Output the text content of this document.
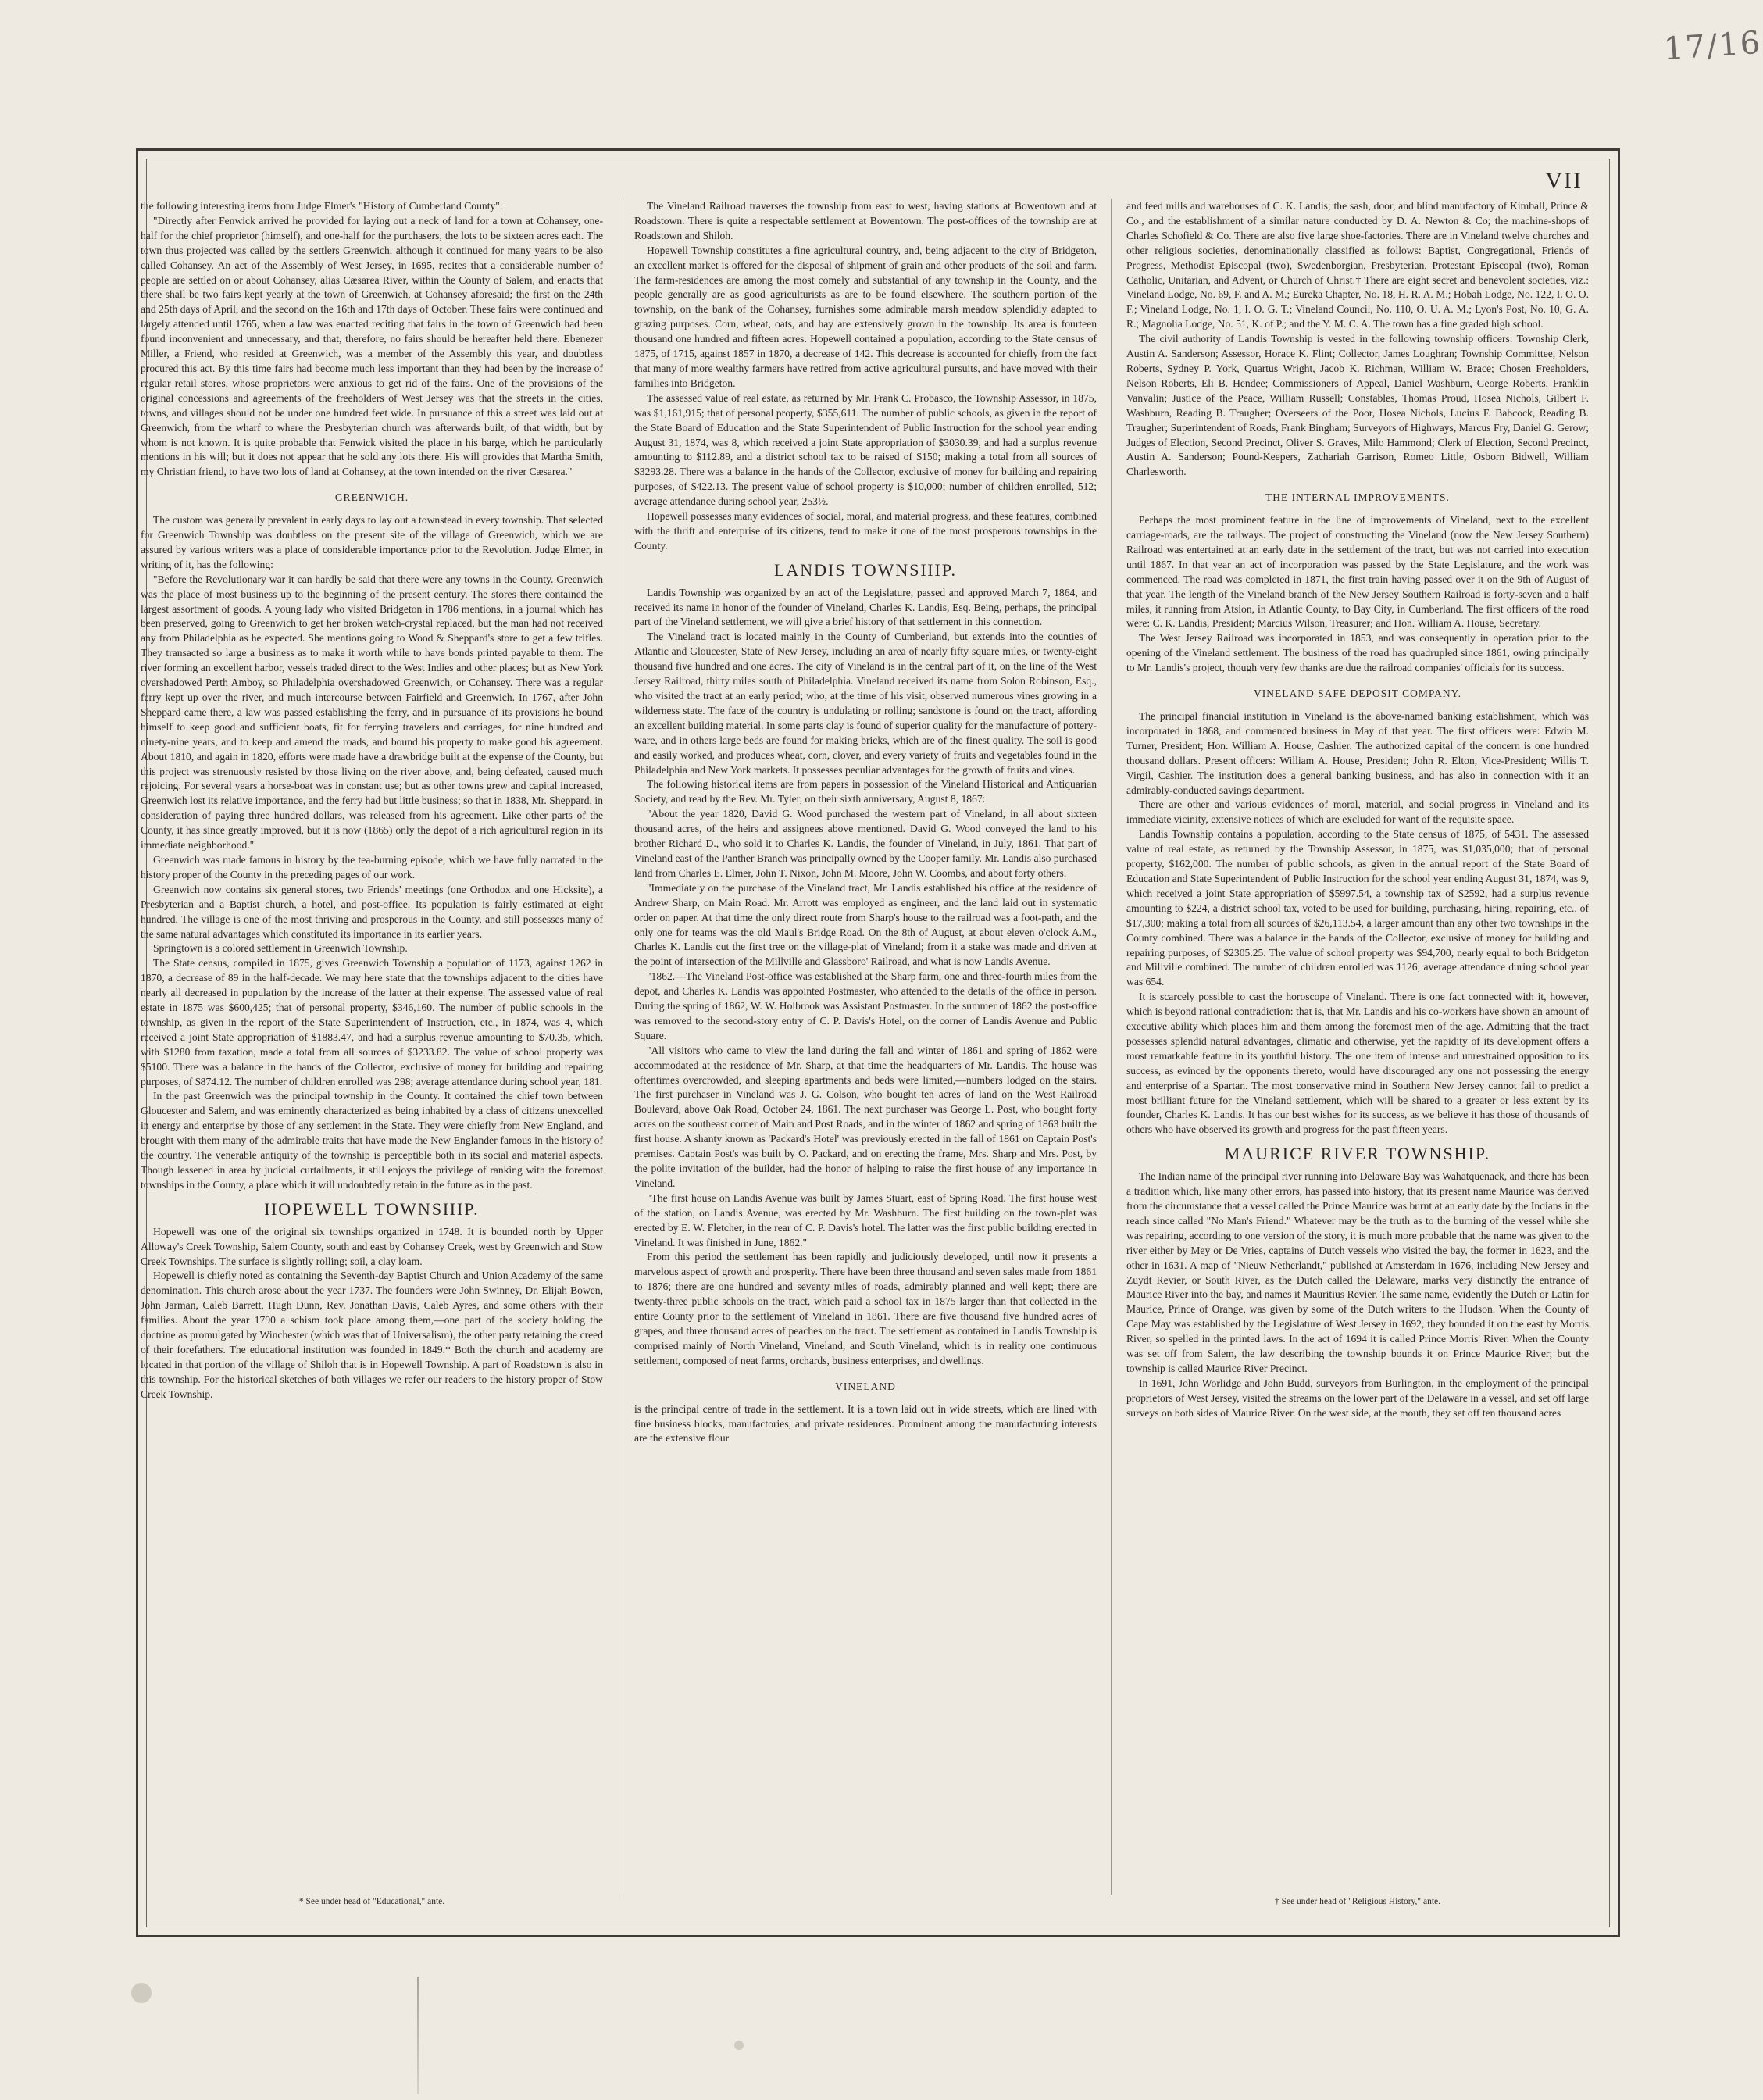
17/16
VII

the following interesting items from Judge Elmer's "History of Cumberland County":

"Directly after Fenwick arrived he provided for laying out a neck of land for a town at Cohansey, one-half for the chief proprietor (himself), and one-half for the purchasers, the lots to be sixteen acres each. The town thus projected was called by the settlers Greenwich, although it continued for many years to be also called Cohansey. An act of the Assembly of West Jersey, in 1695, recites that a considerable number of people are settled on or about Cohansey, alias Cæsarea River, within the County of Salem, and enacts that there shall be two fairs kept yearly at the town of Greenwich, at Cohansey aforesaid; the first on the 24th and 25th days of April, and the second on the 16th and 17th days of October. These fairs were continued and largely attended until 1765, when a law was enacted reciting that fairs in the town of Greenwich had been found inconvenient and unnecessary, and that, therefore, no fairs should be hereafter held there. Ebenezer Miller, a Friend, who resided at Greenwich, was a member of the Assembly this year, and doubtless procured this act. By this time fairs had become much less important than they had been by the increase of regular retail stores, whose proprietors were anxious to get rid of the fairs. One of the provisions of the original concessions and agreements of the freeholders of West Jersey was that the streets in the cities, towns, and villages should not be under one hundred feet wide. In pursuance of this a street was laid out at Greenwich, from the wharf to where the Presbyterian church was afterwards built, of that width, but by whom is not known. It is quite probable that Fenwick visited the place in his barge, which he particularly mentions in his will; but it does not appear that he sold any lots there. His will provides that Martha Smith, my Christian friend, to have two lots of land at Cohansey, at the town intended on the river Cæsarea."

GREENWICH.

The custom was generally prevalent in early days to lay out a townstead in every township. That selected for Greenwich Township was doubtless on the present site of the village of Greenwich, which we are assured by various writers was a place of considerable importance prior to the Revolution. Judge Elmer, in writing of it, has the following:

"Before the Revolutionary war it can hardly be said that there were any towns in the County. Greenwich was the place of most business up to the beginning of the present century. The stores there contained the largest assortment of goods. A young lady who visited Bridgeton in 1786 mentions, in a journal which has been preserved, going to Greenwich to get her broken watch-crystal replaced, but the man had not received any from Philadelphia as he expected. She mentions going to Wood & Sheppard's store to get a few trifles. They transacted so large a business as to make it worth while to have bonds printed payable to them. The river forming an excellent harbor, vessels traded direct to the West Indies and other places; but as New York overshadowed Perth Amboy, so Philadelphia overshadowed Greenwich, or Cohansey. There was a regular ferry kept up over the river, and much intercourse between Fairfield and Greenwich. In 1767, after John Sheppard came there, a law was passed establishing the ferry, and in pursuance of its provisions he bound himself to keep good and sufficient boats, fit for ferrying travelers and carriages, for nine hundred and ninety-nine years, and to keep and amend the roads, and bound his property to make good his agreement. About 1810, and again in 1820, efforts were made have a drawbridge built at the expense of the County, but this project was strenuously resisted by those living on the river above, and, being defeated, caused much rejoicing. For several years a horse-boat was in constant use; but as other towns grew and capital increased, Greenwich lost its relative importance, and the ferry had but little business; so that in 1838, Mr. Sheppard, in consideration of paying three hundred dollars, was released from his agreement. Like other parts of the County, it has since greatly improved, but it is now (1865) only the depot of a rich agricultural region in its immediate neighborhood."

Greenwich was made famous in history by the tea-burning episode, which we have fully narrated in the history proper of the County in the preceding pages of our work.

Greenwich now contains six general stores, two Friends' meetings (one Orthodox and one Hicksite), a Presbyterian and a Baptist church, a hotel, and post-office. Its population is fairly estimated at eight hundred. The village is one of the most thriving and prosperous in the County, and still possesses many of the same natural advantages which constituted its importance in its earlier years.

Springtown is a colored settlement in Greenwich Township.

The State census, compiled in 1875, gives Greenwich Township a population of 1173, against 1262 in 1870, a decrease of 89 in the half-decade. We may here state that the townships adjacent to the cities have nearly all decreased in population by the increase of the latter at their expense. The assessed value of real estate in 1875 was $600,425; that of personal property, $346,160. The number of public schools in the township, as given in the report of the State Superintendent of Instruction, etc., in 1874, was 4, which received a joint State appropriation of $1883.47, and had a surplus revenue amounting to $70.35, which, with $1280 from taxation, made a total from all sources of $3233.82. The value of school property was $5100. There was a balance in the hands of the Collector, exclusive of money for building and repairing purposes, of $874.12. The number of children enrolled was 298; average attendance during school year, 181.

In the past Greenwich was the principal township in the County. It contained the chief town between Gloucester and Salem, and was eminently characterized as being inhabited by a class of citizens unexcelled in energy and enterprise by those of any settlement in the State. They were chiefly from New England, and brought with them many of the admirable traits that have made the New Englander famous in the history of the country. The venerable antiquity of the township is perceptible both in its social and material aspects. Though lessened in area by judicial curtailments, it still enjoys the privilege of ranking with the foremost townships in the County, a place which it will undoubtedly retain in the future as in the past.

HOPEWELL TOWNSHIP.

Hopewell was one of the original six townships organized in 1748. It is bounded north by Upper Alloway's Creek Township, Salem County, south and east by Cohansey Creek, west by Greenwich and Stow Creek Townships. The surface is slightly rolling; soil, a clay loam.

Hopewell is chiefly noted as containing the Seventh-day Baptist Church and Union Academy of the same denomination. This church arose about the year 1737. The founders were John Swinney, Dr. Elijah Bowen, John Jarman, Caleb Barrett, Hugh Dunn, Rev. Jonathan Davis, Caleb Ayres, and some others with their families. About the year 1790 a schism took place among them,—one part of the society holding the doctrine as promulgated by Winchester (which was that of Universalism), the other party retaining the creed of their forefathers. The educational institution was founded in 1849.* Both the church and academy are located in that portion of the village of Shiloh that is in Hopewell Township. A part of Roadstown is also in this township. For the historical sketches of both villages we refer our readers to the history proper of Stow Creek Township.

The Vineland Railroad traverses the township from east to west, having stations at Bowentown and at Roadstown. There is quite a respectable settlement at Bowentown. The post-offices of the township are at Roadstown and Shiloh.

Hopewell Township constitutes a fine agricultural country, and, being adjacent to the city of Bridgeton, an excellent market is offered for the disposal of shipment of grain and other products of the soil and farm. The farm-residences are among the most comely and substantial of any township in the County, and the people generally are as good agriculturists as are to be found elsewhere. The southern portion of the township, on the bank of the Cohansey, furnishes some admirable marsh meadow splendidly adapted to grazing purposes. Corn, wheat, oats, and hay are extensively grown in the township. Its area is fourteen thousand one hundred and fifteen acres. Hopewell contained a population, according to the State census of 1875, of 1715, against 1857 in 1870, a decrease of 142. This decrease is accounted for chiefly from the fact that many of more wealthy farmers have retired from active agricultural pursuits, and have moved with their families into Bridgeton.

The assessed value of real estate, as returned by Mr. Frank C. Probasco, the Township Assessor, in 1875, was $1,161,915; that of personal property, $355,611. The number of public schools, as given in the report of the State Board of Education and the State Superintendent of Public Instruction for the school year ending August 31, 1874, was 8, which received a joint State appropriation of $3030.39, and had a surplus revenue amounting to $112.89, and a district school tax to be raised of $150; making a total from all sources of $3293.28. There was a balance in the hands of the Collector, exclusive of money for building and repairing purposes, of $422.13. The present value of school property is $10,000; number of children enrolled, 512; average attendance during school year, 253½.

Hopewell possesses many evidences of social, moral, and material progress, and these features, combined with the thrift and enterprise of its citizens, tend to make it one of the most prosperous townships in the County.

LANDIS TOWNSHIP.

Landis Township was organized by an act of the Legislature, passed and approved March 7, 1864, and received its name in honor of the founder of Vineland, Charles K. Landis, Esq. Being, perhaps, the principal part of the Vineland settlement, we will give a brief history of that settlement in this connection.

The Vineland tract is located mainly in the County of Cumberland, but extends into the counties of Atlantic and Gloucester, State of New Jersey, including an area of nearly fifty square miles, or twenty-eight thousand five hundred and one acres. The city of Vineland is in the central part of it, on the line of the West Jersey Railroad, thirty miles south of Philadelphia. Vineland received its name from Solon Robinson, Esq., who visited the tract at an early period; who, at the time of his visit, observed numerous vines growing in a wilderness state. The face of the country is undulating or rolling; sandstone is found on the tract, affording an excellent building material. In some parts clay is found of superior quality for the manufacture of pottery-ware, and in others large beds are found for making bricks, which are of the finest quality. The soil is good and easily worked, and produces wheat, corn, clover, and every variety of fruits and vegetables found in the Philadelphia and New York markets. It possesses peculiar advantages for the growth of fruits and vines.

The following historical items are from papers in possession of the Vineland Historical and Antiquarian Society, and read by the Rev. Mr. Tyler, on their sixth anniversary, August 8, 1867:

"About the year 1820, David G. Wood purchased the western part of Vineland, in all about sixteen thousand acres, of the heirs and assignees above mentioned. David G. Wood conveyed the land to his brother Richard D., who sold it to Charles K. Landis, the founder of Vineland, in July, 1861. That part of Vineland east of the Panther Branch was principally owned by the Cooper family. Mr. Landis also purchased land from Charles E. Elmer, John T. Nixon, John M. Moore, John W. Coombs, and about forty others.

"Immediately on the purchase of the Vineland tract, Mr. Landis established his office at the residence of Andrew Sharp, on Main Road. Mr. Arrott was employed as engineer, and the land laid out in systematic order on paper. At that time the only direct route from Sharp's house to the railroad was a foot-path, and the only one for teams was the old Maul's Bridge Road. On the 8th of August, at about eleven o'clock A.M., Charles K. Landis cut the first tree on the village-plat of Vineland; from it a stake was made and driven at the point of intersection of the Millville and Glassboro' Railroad, and what is now Landis Avenue.

"1862.—The Vineland Post-office was established at the Sharp farm, one and three-fourth miles from the depot, and Charles K. Landis was appointed Postmaster, who attended to the details of the office in person. During the spring of 1862, W. W. Holbrook was Assistant Postmaster. In the summer of 1862 the post-office was removed to the second-story entry of C. P. Davis's Hotel, on the corner of Landis Avenue and Public Square.

"All visitors who came to view the land during the fall and winter of 1861 and spring of 1862 were accommodated at the residence of Mr. Sharp, at that time the headquarters of Mr. Landis. The house was oftentimes overcrowded, and sleeping apartments and beds were limited,—numbers lodged on the stairs. The first purchaser in Vineland was J. G. Colson, who bought ten acres of land on the West Railroad Boulevard, above Oak Road, October 24, 1861. The next purchaser was George L. Post, who bought forty acres on the southeast corner of Main and Post Roads, and in the winter of 1862 and spring of 1863 built the first house. A shanty known as 'Packard's Hotel' was previously erected in the fall of 1861 on Captain Post's premises. Captain Post's was built by O. Packard, and on erecting the frame, Mrs. Sharp and Mrs. Post, by the polite invitation of the builder, had the honor of helping to raise the first house of any importance in Vineland.

"The first house on Landis Avenue was built by James Stuart, east of Spring Road. The first house west of the station, on Landis Avenue, was erected by Mr. Washburn. The first building on the town-plat was erected by E. W. Fletcher, in the rear of C. P. Davis's hotel. The latter was the first public building erected in Vineland. It was finished in June, 1862."

From this period the settlement has been rapidly and judiciously developed, until now it presents a marvelous aspect of growth and prosperity. There have been three thousand and seven sales made from 1861 to 1876; there are one hundred and seventy miles of roads, admirably planned and well kept; there are twenty-three public schools on the tract, which paid a school tax in 1875 larger than that collected in the entire County prior to the settlement of Vineland in 1861. There are five thousand five hundred acres of grapes, and three thousand acres of peaches on the tract. The settlement as contained in Landis Township is comprised mainly of North Vineland, Vineland, and South Vineland, which is in reality one continuous settlement, composed of neat farms, orchards, business enterprises, and dwellings.

VINELAND

is the principal centre of trade in the settlement. It is a town laid out in wide streets, which are lined with fine business blocks, manufactories, and private residences. Prominent among the manufacturing interests are the extensive flour

and feed mills and warehouses of C. K. Landis; the sash, door, and blind manufactory of Kimball, Prince & Co., and the establishment of a similar nature conducted by D. A. Newton & Co; the machine-shops of Charles Schofield & Co. There are also five large shoe-factories. There are in Vineland twelve churches and other religious societies, denominationally classified as follows: Baptist, Congregational, Friends of Progress, Methodist Episcopal (two), Swedenborgian, Presbyterian, Protestant Episcopal (two), Roman Catholic, Unitarian, and Advent, or Church of Christ.† There are eight secret and benevolent societies, viz.: Vineland Lodge, No. 69, F. and A. M.; Eureka Chapter, No. 18, H. R. A. M.; Hobah Lodge, No. 122, I. O. O. F.; Vineland Lodge, No. 1, I. O. G. T.; Vineland Council, No. 110, O. U. A. M.; Lyon's Post, No. 10, G. A. R.; Magnolia Lodge, No. 51, K. of P.; and the Y. M. C. A. The town has a fine graded high school.

The civil authority of Landis Township is vested in the following township officers: Township Clerk, Austin A. Sanderson; Assessor, Horace K. Flint; Collector, James Loughran; Township Committee, Nelson Roberts, Sydney P. York, Quartus Wright, Jacob K. Richman, William W. Brace; Chosen Freeholders, Nelson Roberts, Eli B. Hendee; Commissioners of Appeal, Daniel Washburn, George Roberts, Franklin Vanvalin; Justice of the Peace, William Russell; Constables, Thomas Proud, Hosea Nichols, Gilbert F. Washburn, Reading B. Traugher; Overseers of the Poor, Hosea Nichols, Lucius F. Babcock, Reading B. Traugher; Superintendent of Roads, Frank Bingham; Surveyors of Highways, Marcus Fry, Daniel G. Gerow; Judges of Election, Second Precinct, Oliver S. Graves, Milo Hammond; Clerk of Election, Second Precinct, Austin A. Sanderson; Pound-Keepers, Zachariah Garrison, Romeo Little, Osborn Bidwell, William Charlesworth.

THE INTERNAL IMPROVEMENTS.

Perhaps the most prominent feature in the line of improvements of Vineland, next to the excellent carriage-roads, are the railways. The project of constructing the Vineland (now the New Jersey Southern) Railroad was entertained at an early date in the settlement of the tract, but was not carried into execution until 1867. In that year an act of incorporation was passed by the State Legislature, and the work was commenced. The road was completed in 1871, the first train having passed over it on the 9th of August of that year. The length of the Vineland branch of the New Jersey Southern Railroad is forty-seven and a half miles, it running from Atsion, in Atlantic County, to Bay City, in Cumberland. The first officers of the road were: C. K. Landis, President; Marcius Wilson, Treasurer; and Hon. William A. House, Secretary.

The West Jersey Railroad was incorporated in 1853, and was consequently in operation prior to the opening of the Vineland settlement. The business of the road has quadrupled since 1861, owing principally to Mr. Landis's project, though very few thanks are due the railroad companies' officials for its success.

VINELAND SAFE DEPOSIT COMPANY.

The principal financial institution in Vineland is the above-named banking establishment, which was incorporated in 1868, and commenced business in May of that year. The first officers were: Edwin M. Turner, President; Hon. William A. House, Cashier. The authorized capital of the concern is one hundred thousand dollars. Present officers: William A. House, President; John R. Elton, Vice-President; Willis T. Virgil, Cashier. The institution does a general banking business, and has also in connection with it an admirably-conducted savings department.

There are other and various evidences of moral, material, and social progress in Vineland and its immediate vicinity, extensive notices of which are excluded for want of the requisite space.

Landis Township contains a population, according to the State census of 1875, of 5431. The assessed value of real estate, as returned by the Township Assessor, in 1875, was $1,035,000; that of personal property, $162,000. The number of public schools, as given in the annual report of the State Board of Education and State Superintendent of Public Instruction for the school year ending August 31, 1874, was 9, which received a joint State appropriation of $5997.54, a township tax of $2592, had a surplus revenue amounting to $224, a district school tax, voted to be used for building, purchasing, hiring, repairing, etc., of $17,300; making a total from all sources of $26,113.54, a larger amount than any other two townships in the County combined. There was a balance in the hands of the Collector, exclusive of money for building and repairing purposes, of $2305.25. The value of school property was $94,700, nearly equal to both Bridgeton and Millville combined. The number of children enrolled was 1126; average attendance during school year was 654.

It is scarcely possible to cast the horoscope of Vineland. There is one fact connected with it, however, which is beyond rational contradiction: that is, that Mr. Landis and his co-workers have shown an amount of executive ability which places him and them among the foremost men of the age. Admitting that the tract possesses splendid natural advantages, climatic and otherwise, yet the rapidity of its development offers a most remarkable feature in its youthful history. The one item of intense and unrestrained opposition to its success, as evinced by the opponents thereto, would have discouraged any one not possessing the energy and enterprise of a Spartan. The most conservative mind in Southern New Jersey cannot fail to predict a most brilliant future for the Vineland settlement, which will be shared to a greater or less extent by its founder, Charles K. Landis. It has our best wishes for its success, as we believe it has those of thousands of others who have observed its growth and progress for the past fifteen years.

MAURICE RIVER TOWNSHIP.

The Indian name of the principal river running into Delaware Bay was Wahatquenack, and there has been a tradition which, like many other errors, has passed into history, that its present name Maurice was derived from the circumstance that a vessel called the Prince Maurice was burnt at an early date by the Indians in the reach since called "No Man's Friend." Whatever may be the truth as to the burning of the vessel while she was repairing, according to one version of the story, it is much more probable that the name was given to the river either by Mey or De Vries, captains of Dutch vessels who visited the bay, the former in 1623, and the other in 1631. A map of "Nieuw Netherlandt," published at Amsterdam in 1676, including New Jersey and Zuydt Revier, or South River, as the Dutch called the Delaware, marks very distinctly the entrance of Maurice River into the bay, and names it Mauritius Revier. The same name, evidently the Dutch or Latin for Maurice, Prince of Orange, was given by some of the Dutch writers to the Hudson. When the County of Cape May was established by the Legislature of West Jersey in 1692, they bounded it on the east by Morris River, so spelled in the printed laws. In the act of 1694 it is called Prince Morris' River. When the County was set off from Salem, the law describing the township bounds it on Prince Maurice River; but the township is called Maurice River Precinct.

In 1691, John Worlidge and John Budd, surveyors from Burlington, in the employment of the principal proprietors of West Jersey, visited the streams on the lower part of the Delaware in a vessel, and set off large surveys on both sides of Maurice River. On the west side, at the mouth, they set off ten thousand acres

* See under head of "Educational," ante.	† See under head of "Religious History," ante.
